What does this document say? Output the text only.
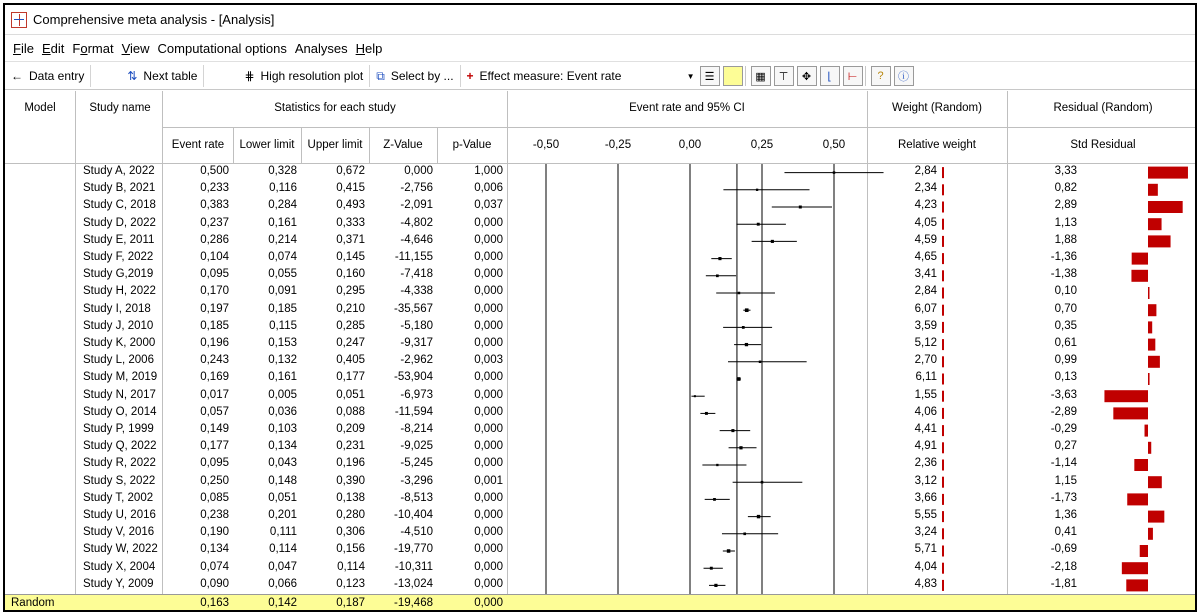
Comprehensive meta analysis - [Analysis]
File Edit Format View Computational options Analyses Help
← Data entry	⇅ Next table	⋕ High resolution plot ⧉ Select by ... + Effect measure: Event rate	▼ ☰	▦	⊤	✥	⌊	⊢	?	ⓘ
Model	Study name	Statistics for each study
Event rate	Lower limit	Upper limit	Z-Value	p-Value
Event rate and 95% CI	Weight (Random)
Relative weight
Residual (Random)
Std Residual
-0,50	-0,25	0,00	0,25	0,50
Study A, 2022	0,500	0,328	0,672	0,000	1,000	2,84	3,33
Study B, 2021	0,233	0,116	0,415	-2,756	0,006	2,34	0,82
Study C, 2018	0,383	0,284	0,493	-2,091	0,037	4,23	2,89
Study D, 2022	0,237	0,161	0,333	-4,802	0,000	4,05	1,13
Study E, 2011	0,286	0,214	0,371	-4,646	0,000	4,59	1,88
Study F, 2022	0,104	0,074	0,145	-11,155	0,000	4,65	-1,36
Study G,2019	0,095	0,055	0,160	-7,418	0,000	3,41	-1,38
Study H, 2022	0,170	0,091	0,295	-4,338	0,000	2,84	0,10
Study I, 2018	0,197	0,185	0,210	-35,567	0,000	6,07	0,70
Study J, 2010	0,185	0,115	0,285	-5,180	0,000	3,59	0,35
Study K, 2000	0,196	0,153	0,247	-9,317	0,000	5,12	0,61
Study L, 2006	0,243	0,132	0,405	-2,962	0,003	2,70	0,99
Study M, 2019	0,169	0,161	0,177	-53,904	0,000	6,11	0,13
Study N, 2017	0,017	0,005	0,051	-6,973	0,000	1,55	-3,63
Study O, 2014	0,057	0,036	0,088	-11,594	0,000	4,06	-2,89
Study P, 1999	0,149	0,103	0,209	-8,214	0,000	4,41	-0,29
Study Q, 2022	0,177	0,134	0,231	-9,025	0,000	4,91	0,27
Study R, 2022	0,095	0,043	0,196	-5,245	0,000	2,36	-1,14
Study S, 2022	0,250	0,148	0,390	-3,296	0,001	3,12	1,15
Study T, 2002	0,085	0,051	0,138	-8,513	0,000	3,66	-1,73
Study U, 2016	0,238	0,201	0,280	-10,404	0,000	5,55	1,36
Study V, 2016	0,190	0,111	0,306	-4,510	0,000	3,24	0,41
Study W, 2022	0,134	0,114	0,156	-19,770	0,000	5,71	-0,69
Study X, 2004	0,074	0,047	0,114	-10,311	0,000	4,04	-2,18
Study Y, 2009	0,090	0,066	0,123	-13,024	0,000	4,83	-1,81
Random	0,163	0,142	0,187	-19,468	0,000
